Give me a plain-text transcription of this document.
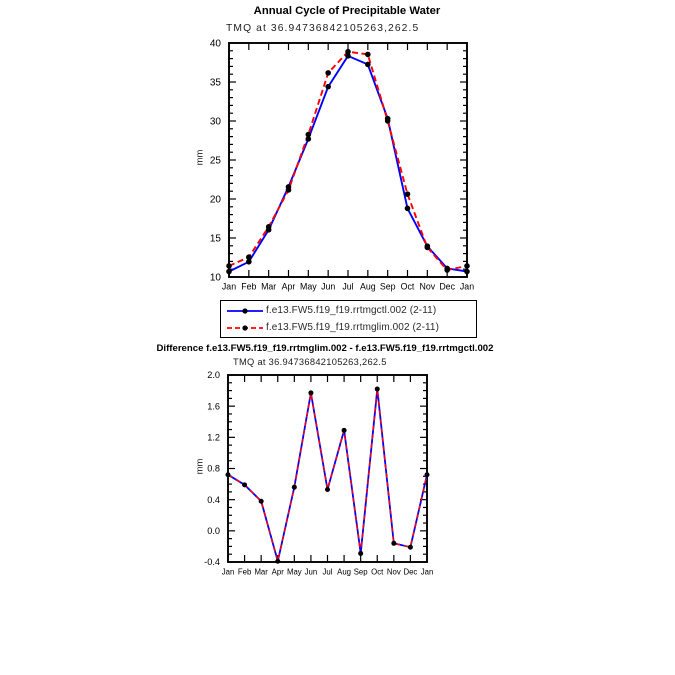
Annual Cycle of Precipitable Water
TMQ at 36.94736842105263,262.5
mm
10
15
20
25
30
35
40
Jan Feb Mar Apr May Jun Jul Aug Sep Oct Nov Dec Jan
f.e13.FW5.f19_f19.rrtmgctl.002 (2-11)
f.e13.FW5.f19_f19.rrtmglim.002 (2-11)
Difference f.e13.FW5.f19_f19.rrtmglim.002 - f.e13.FW5.f19_f19.rrtmgctl.002
TMQ at 36.94736842105263,262.5
mm
-0.4
0.0
0.4
0.8
1.2
1.6
2.0
Jan Feb Mar Apr May Jun Jul Aug Sep Oct Nov Dec Jan
